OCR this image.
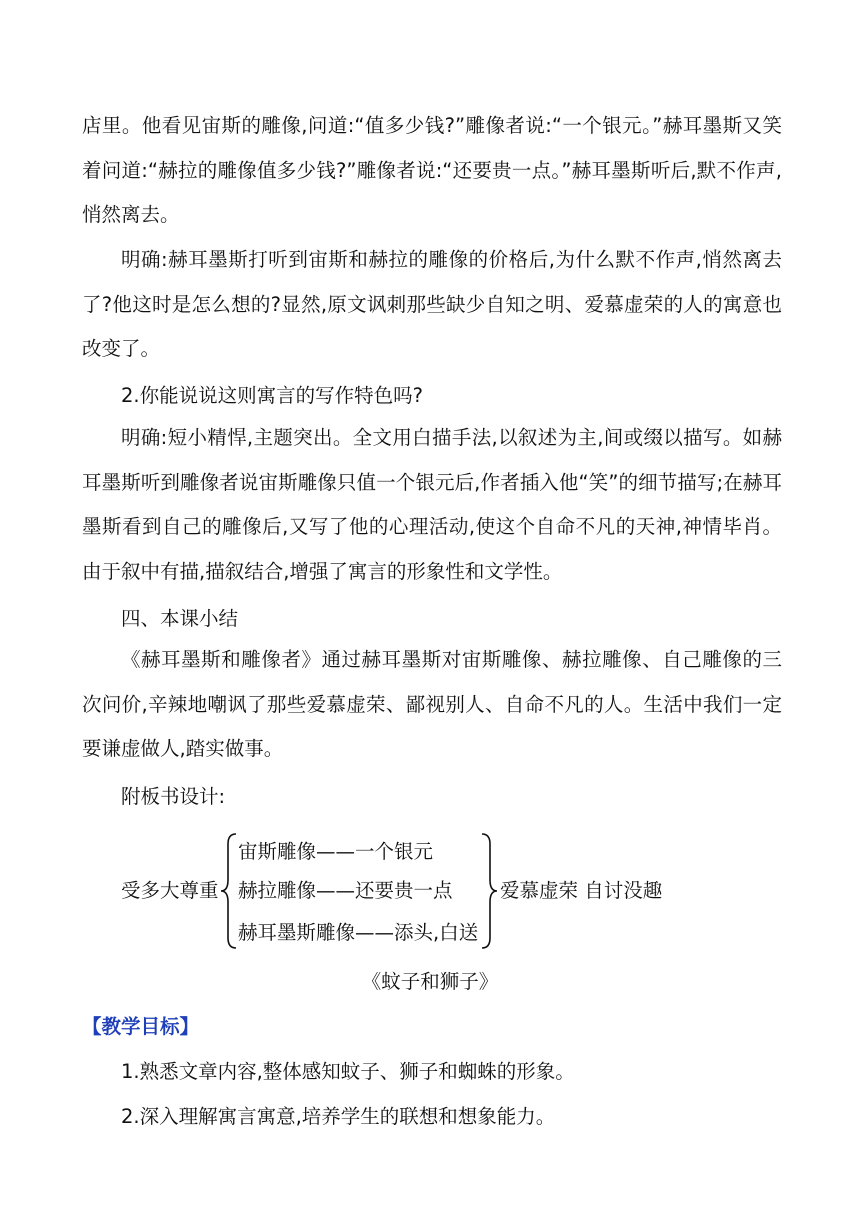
店里。他看见宙斯的雕像,问道:“值多少钱?”雕像者说:“一个银元。”赫耳墨斯又笑着问道:“赫拉的雕像值多少钱?”雕像者说:“还要贵一点。”赫耳墨斯听后,默不作声,悄然离去。

明确:赫耳墨斯打听到宙斯和赫拉的雕像的价格后,为什么默不作声,悄然离去了?他这时是怎么想的?显然,原文讽刺那些缺少自知之明、爱慕虚荣的人的寓意也改变了。

2.你能说说这则寓言的写作特色吗?

明确:短小精悍,主题突出。全文用白描手法,以叙述为主,间或缀以描写。如赫耳墨斯听到雕像者说宙斯雕像只值一个银元后,作者插入他“笑”的细节描写;在赫耳墨斯看到自己的雕像后,又写了他的心理活动,使这个自命不凡的天神,神情毕肖。由于叙中有描,描叙结合,增强了寓言的形象性和文学性。

四、本课小结

《赫耳墨斯和雕像者》通过赫耳墨斯对宙斯雕像、赫拉雕像、自己雕像的三次问价,辛辣地嘲讽了那些爱慕虚荣、鄙视别人、自命不凡的人。生活中我们一定要谦虚做人,踏实做事。

附板书设计:
受多大尊重
宙斯雕像——一个银元
赫拉雕像——还要贵一点
赫耳墨斯雕像——添头,白送
爱慕虚荣 自讨没趣
《蚊子和狮子》
【教学目标】
1.熟悉文章内容,整体感知蚊子、狮子和蜘蛛的形象。
2.深入理解寓言寓意,培养学生的联想和想象能力。
